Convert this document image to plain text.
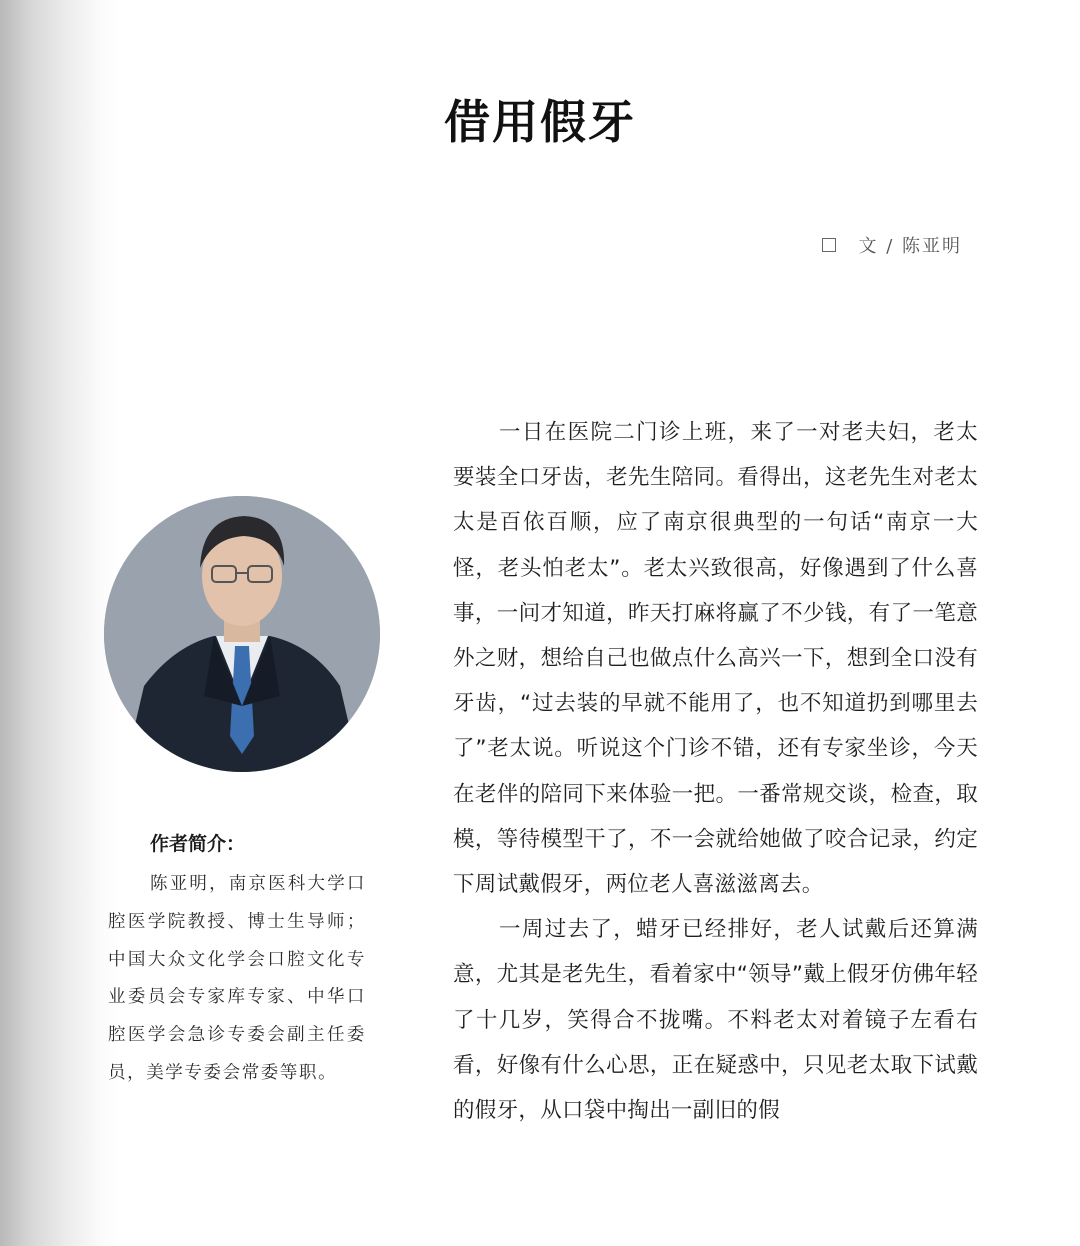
借用假牙
文 / 陈亚明
作者简介：
陈亚明，南京医科大学口腔医学院教授、博士生导师；中国大众文化学会口腔文化专业委员会专家库专家、中华口腔医学会急诊专委会副主任委员，美学专委会常委等职。

一日在医院二门诊上班，来了一对老夫妇，老太要装全口牙齿，老先生陪同。看得出，这老先生对老太太是百依百顺，应了南京很典型的一句话“南京一大怪，老头怕老太”。老太兴致很高，好像遇到了什么喜事，一问才知道，昨天打麻将赢了不少钱，有了一笔意外之财，想给自己也做点什么高兴一下，想到全口没有牙齿，“过去装的早就不能用了，也不知道扔到哪里去了”老太说。听说这个门诊不错，还有专家坐诊，今天在老伴的陪同下来体验一把。一番常规交谈，检查，取模，等待模型干了，不一会就给她做了咬合记录，约定下周试戴假牙，两位老人喜滋滋离去。

一周过去了，蜡牙已经排好，老人试戴后还算满意，尤其是老先生，看着家中“领导”戴上假牙仿佛年轻了十几岁，笑得合不拢嘴。不料老太对着镜子左看右看，好像有什么心思，正在疑惑中，只见老太取下试戴的假牙，从口袋中掏出一副旧的假
